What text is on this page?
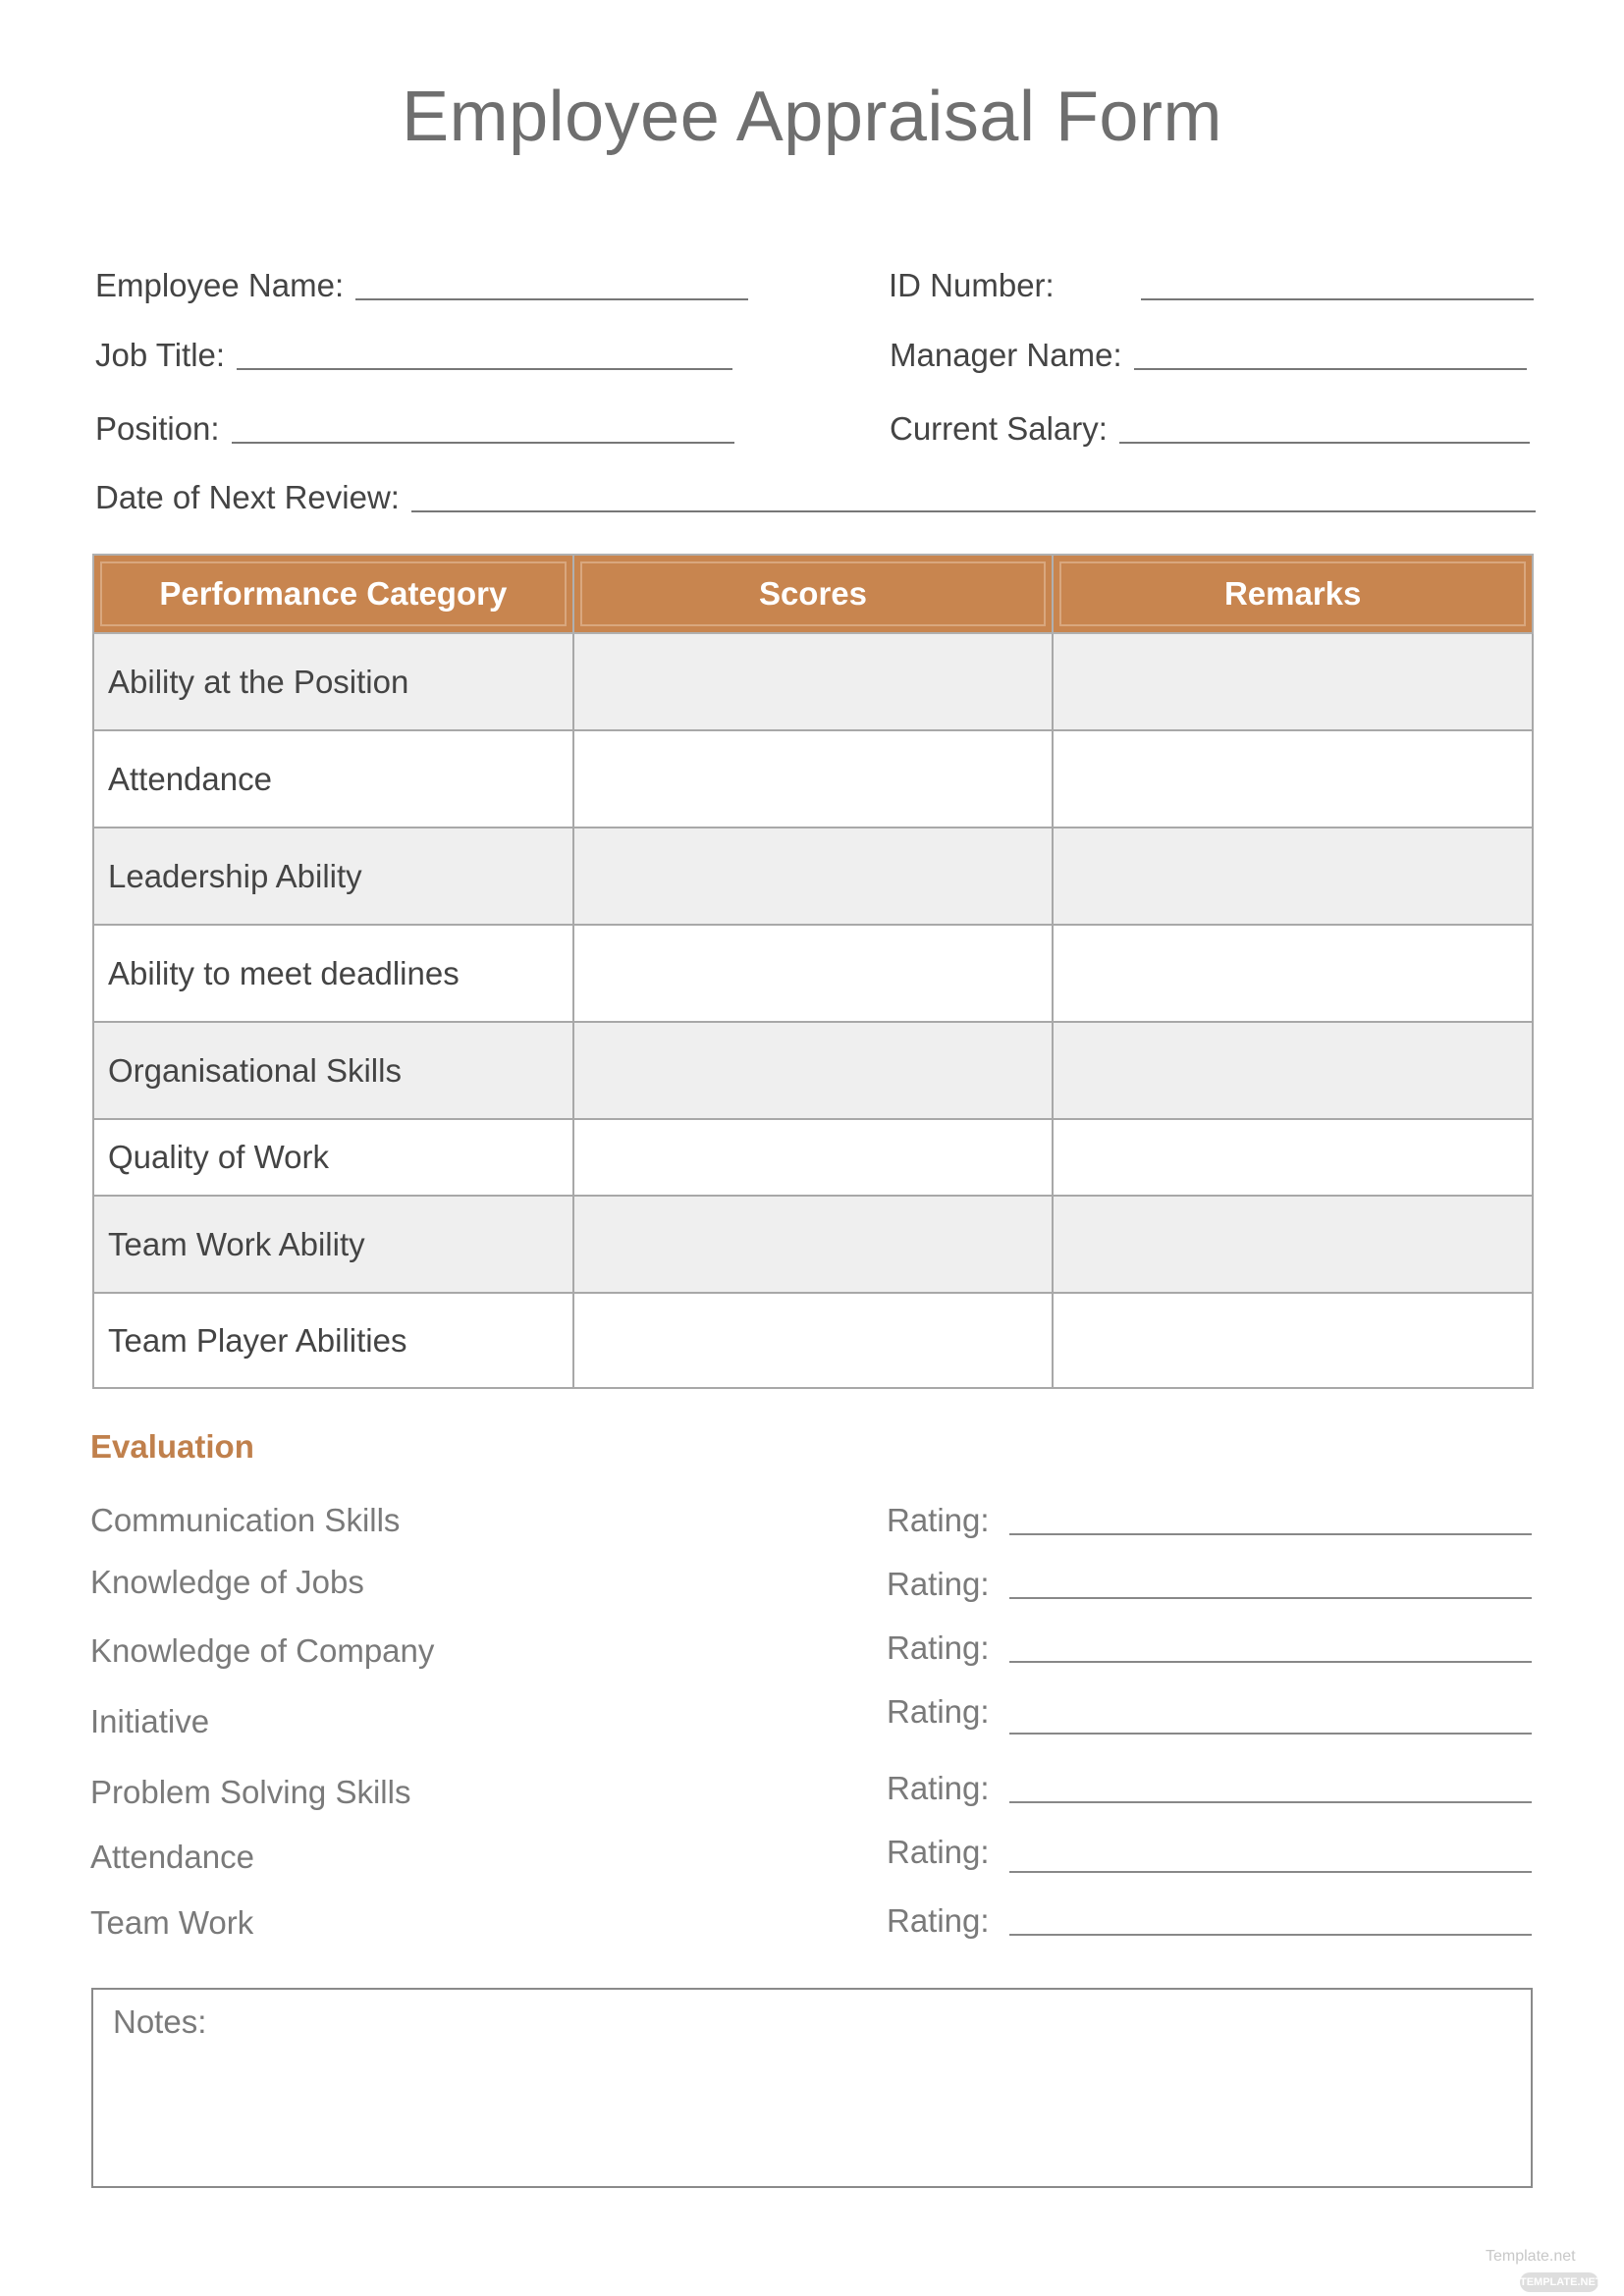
Employee Appraisal Form
Employee Name:	ID Number:
Job Title:	Manager Name:
Position:	Current Salary:
Date of Next Review:
Performance Category	Scores	Remarks

Ability at the Position		
Attendance		
Leadership Ability		
Ability to meet deadlines		
Organisational Skills		
Quality of Work		
Team Work Ability		
Team Player Abilities		
Evaluation
Communication Skills	Rating:
Knowledge of Jobs	Rating:
Knowledge of Company	Rating:
Initiative	Rating:
Problem Solving Skills	Rating:
Attendance	Rating:
Team Work	Rating:
Notes:
Template.net
TEMPLATE.NET
